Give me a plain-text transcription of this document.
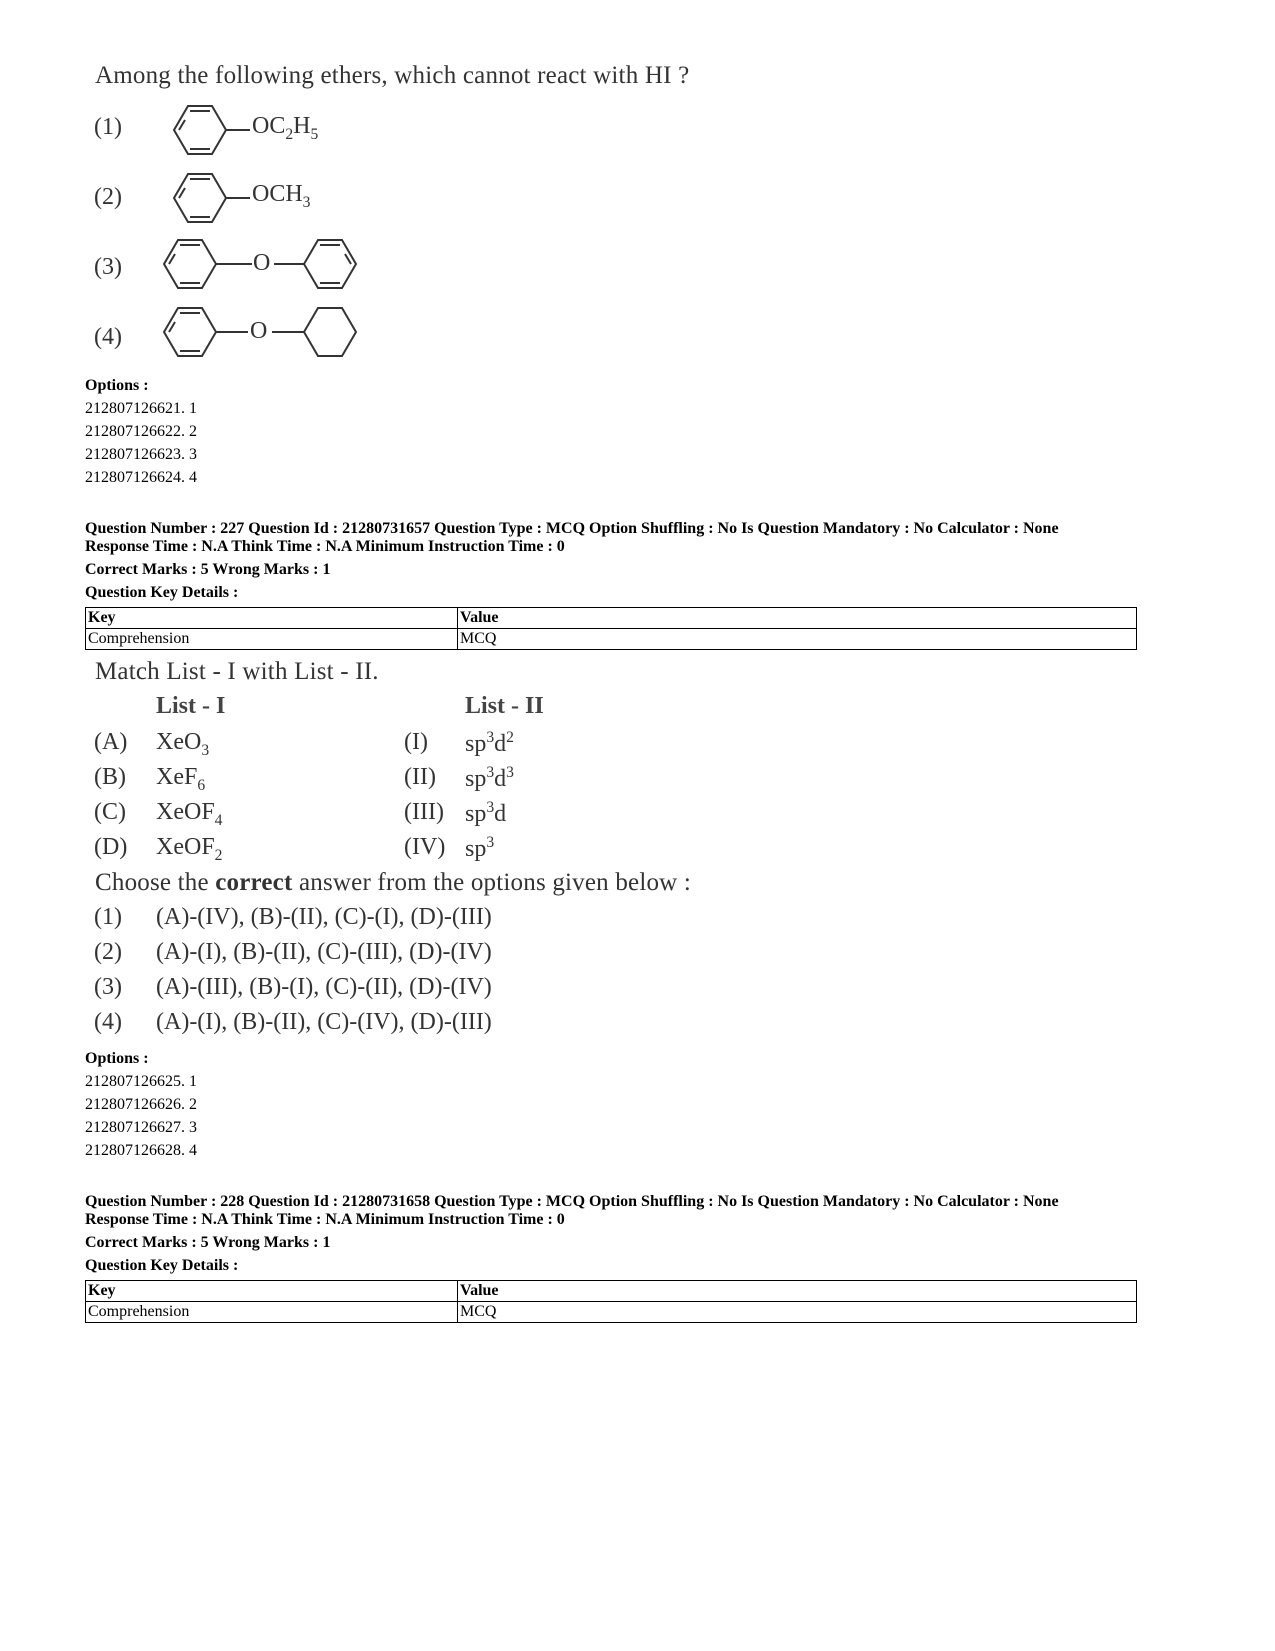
Among the following ethers, which cannot react with HI ?
(1)
(2)
(3)
(4)
$OC_2H_5$
$OCH_3$
O
O
Options :
212807126621. 1
212807126622. 2
212807126623. 3
212807126624. 4
Question Number : 227 Question Id : 21280731657 Question Type : MCQ Option Shuffling : No Is Question Mandatory : No Calculator : None
Response Time : N.A Think Time : N.A Minimum Instruction Time : 0
Correct Marks : 5 Wrong Marks : 1
Question Key Details :
Key	Value
Comprehension	MCQ
Match List - I with List - II.
List - I	List - II
(A) XeO$_3$	(I) $sp^3d^2$
(B) XeF$_6$	(II) $sp^3d^3$
(C) XeOF$_4$	(III) $sp^3d$
(D) XeOF$_2$	(IV) $sp^3$
Choose the correct answer from the options given below :
(1) (A)-(IV), (B)-(II), (C)-(I), (D)-(III)
(2) (A)-(I), (B)-(II), (C)-(III), (D)-(IV)
(3) (A)-(III), (B)-(I), (C)-(II), (D)-(IV)
(4) (A)-(I), (B)-(II), (C)-(IV), (D)-(III)
Options :
212807126625. 1
212807126626. 2
212807126627. 3
212807126628. 4
Question Number : 228 Question Id : 21280731658 Question Type : MCQ Option Shuffling : No Is Question Mandatory : No Calculator : None
Response Time : N.A Think Time : N.A Minimum Instruction Time : 0
Correct Marks : 5 Wrong Marks : 1
Question Key Details :
Key	Value
Comprehension	MCQ
